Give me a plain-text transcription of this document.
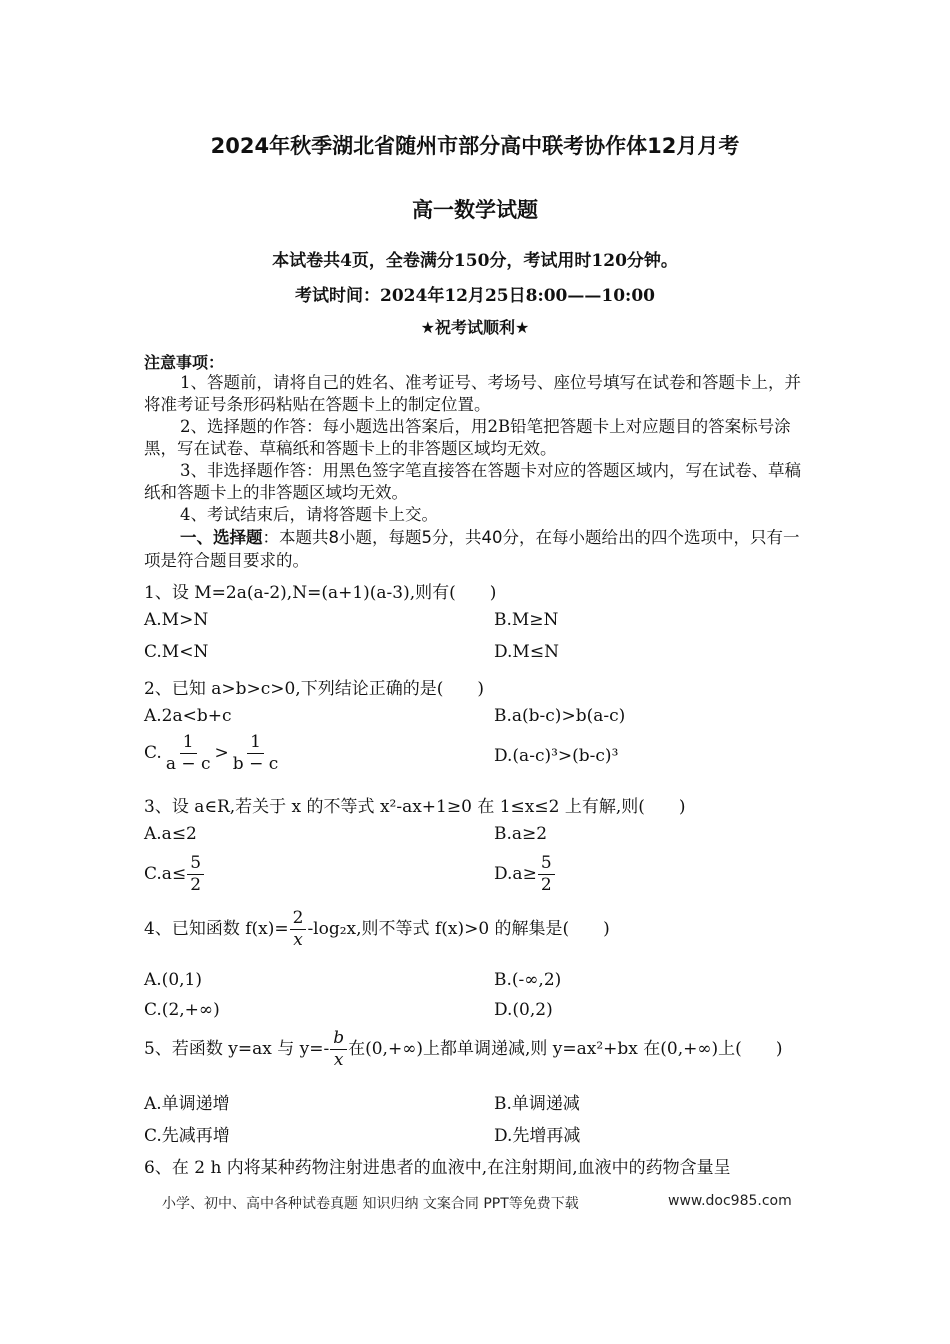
2024年秋季湖北省随州市部分高中联考协作体12月月考
高一数学试题
本试卷共4页，全卷满分150分，考试用时120分钟。
考试时间：2024年12月25日8:00——10:00
★祝考试顺利★
注意事项：
1、答题前，请将自己的姓名、准考证号、考场号、座位号填写在试卷和答题卡上，并将准考证号条形码粘贴在答题卡上的制定位置。
2、选择题的作答：每小题选出答案后，用2B铅笔把答题卡上对应题目的答案标号涂黑，写在试卷、草稿纸和答题卡上的非答题区域均无效。
3、非选择题作答：用黑色签字笔直接答在答题卡对应的答题区域内，写在试卷、草稿纸和答题卡上的非答题区域均无效。
4、考试结束后，请将答题卡上交。
一、选择题：本题共8小题，每题5分，共40分，在每小题给出的四个选项中，只有一项是符合题目要求的。
1、设 M=2a(a-2),N=(a+1)(a-3),则有(　　)
A.M>N	B.M≥N
C.M<N	D.M≤N
2、已知 a>b>c>0,下列结论正确的是(　　)
A.2a<b+c	B.a(b-c)>b(a-c)
C. $\frac{1}{a - c} > \frac{1}{b - c}$	D.(a-c)³>(b-c)³
3、设 a∈R,若关于 x 的不等式 x²-ax+1≥0 在 1≤x≤2 上有解,则(　　)
A.a≤2	B.a≥2
$C.a\le \frac{5}{2}$	$D.a\ge \frac{5}{2}$
4、已知函数 $f(x)= \frac{2}{x} -\log_2x$,则不等式 f(x)>0 的解集是(　　)
A.(0,1)	B.(-∞,2)
C.(2,+∞)	D.(0,2)
5、若函数 y=ax 与 $y=- \frac{b}{x}$ 在(0,+∞)上都单调递减,则 y=ax²+bx 在(0,+∞)上(　　)
A.单调递增	B.单调递减
C.先减再增	D.先增再减
6、在 2 h 内将某种药物注射进患者的血液中,在注射期间,血液中的药物含量呈
小学、初中、高中各种试卷真题 知识归纳 文案合同 PPT等免费下载	www.doc985.com
